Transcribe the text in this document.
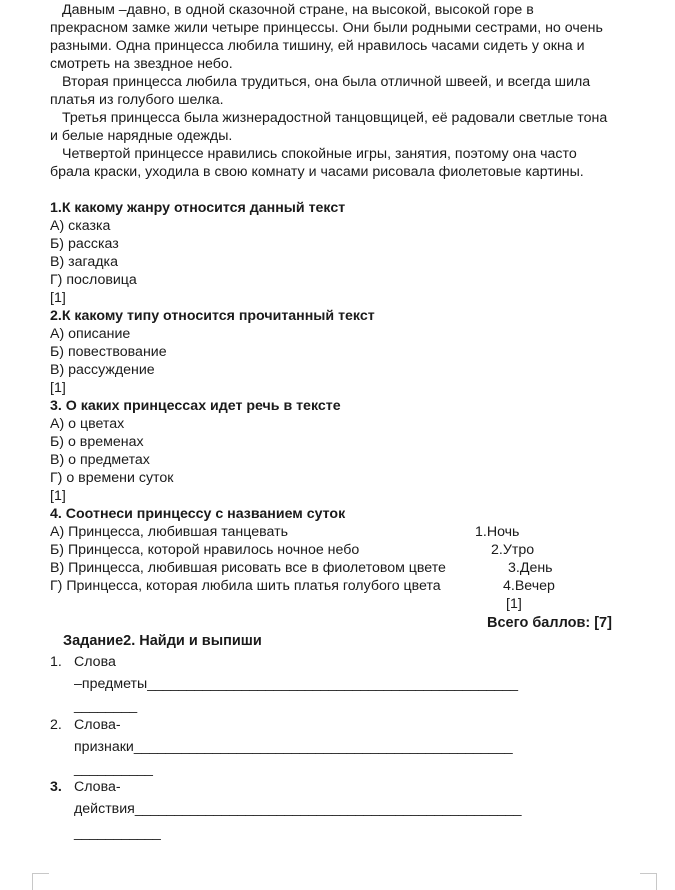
Давным –давно, в одной сказочной стране, на высокой, высокой горе в
прекрасном замке жили четыре принцессы. Они были родными сестрами, но очень
разными. Одна принцесса любила тишину, ей нравилось часами сидеть у окна и
смотреть на звездное небо.
Вторая принцесса любила трудиться, она была отличной швеей, и всегда шила
платья из голубого шелка.
Третья принцесса была жизнерадостной танцовщицей, её радовали светлые тона
и белые нарядные одежды.
Четвертой принцессе нравились спокойные игры, занятия, поэтому она часто
брала краски, уходила в свою комнату и часами рисовала фиолетовые картины.
1.К какому жанру относится данный текст
А) сказка
Б) рассказ
В) загадка
Г) пословица
[1]
2.К какому типу относится прочитанный текст
А) описание
Б) повествование
В) рассуждение
[1]
3. О каких принцессах идет речь в тексте
А) о цветах
Б) о временах
В) о предметах
Г) о времени суток
[1]
4. Соотнеси принцессу с названием суток
А) Принцесса, любившая танцевать	1.Ночь
Б) Принцесса, которой нравилось ночное небо	2.Утро
В) Принцесса, любившая рисовать все в фиолетовом цвете	3.День
Г) Принцесса, которая любила шить платья голубого цвета	4.Вечер
[1]
Всего баллов: [7]
Задание2. Найди и выпиши
1. Слова
–предметы_______________________________________________
________
2. Слова-
признаки________________________________________________
__________
3. Слова-
действия_________________________________________________
___________
